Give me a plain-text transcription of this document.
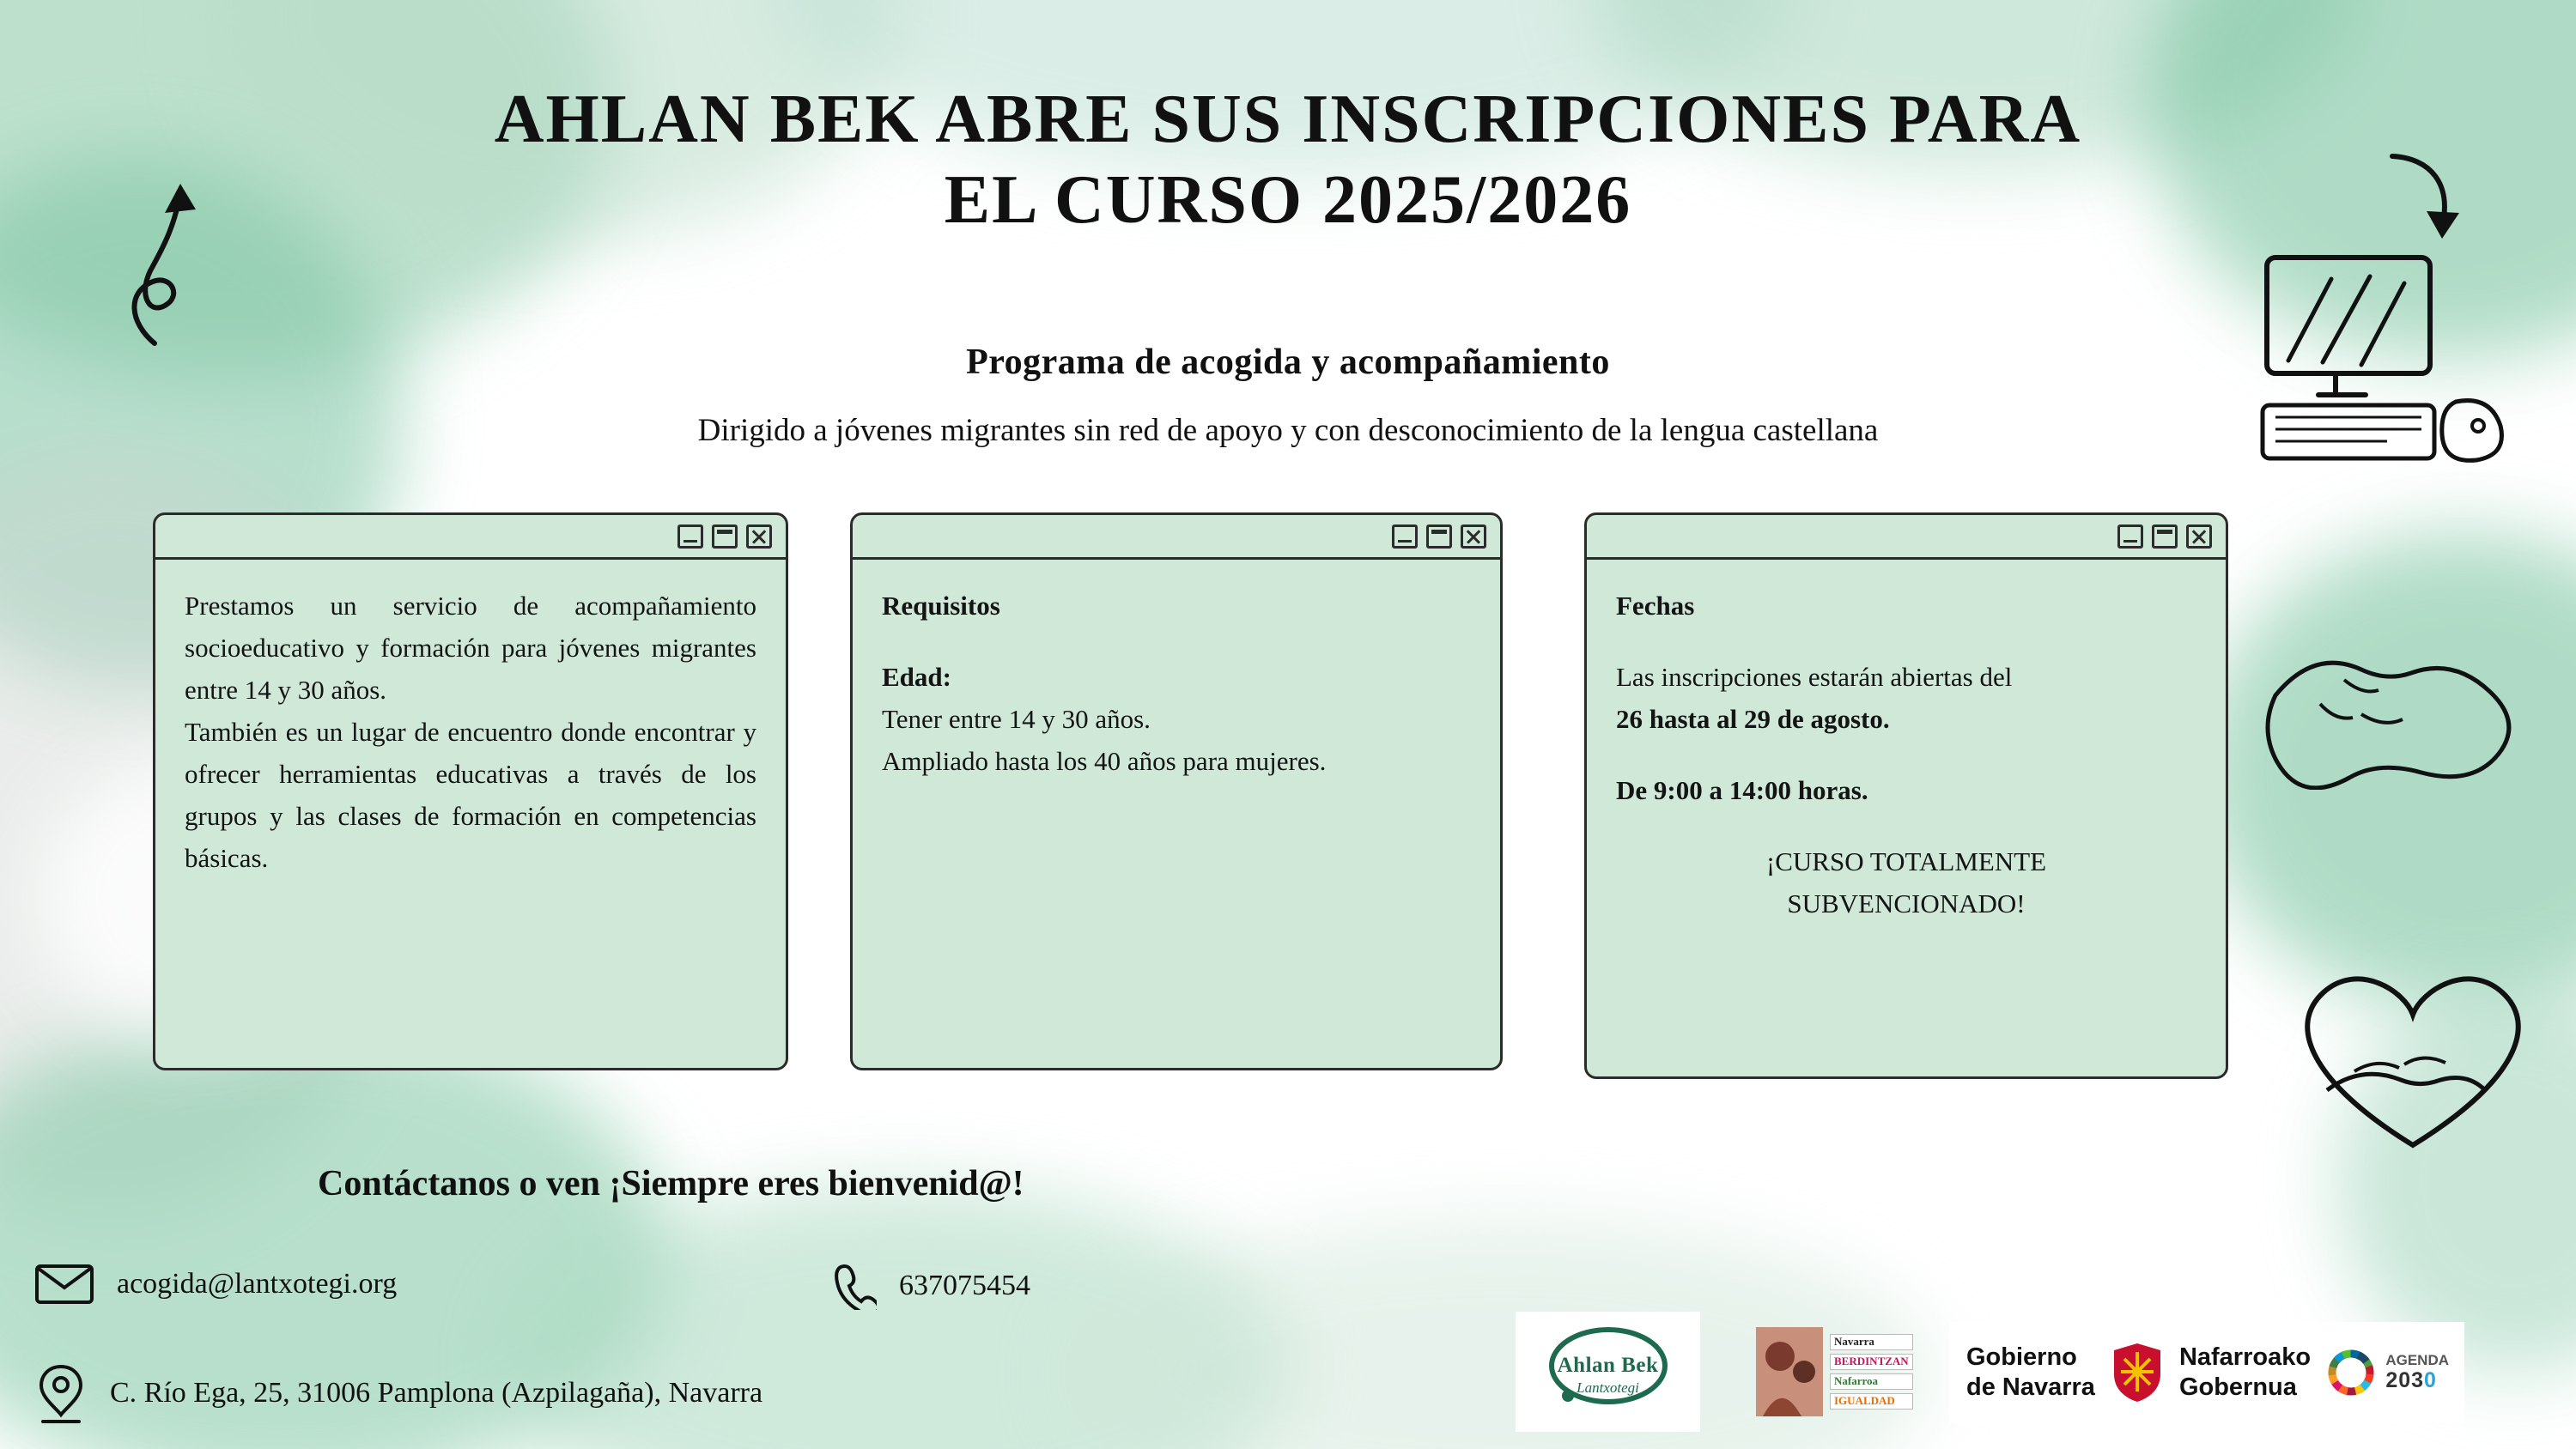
AHLAN BEK ABRE SUS INSCRIPCIONES PARA
EL CURSO 2025/2026
Programa de acogida y acompañamiento
Dirigido a jóvenes migrantes sin red de apoyo y con desconocimiento de la lengua castellana

Prestamos un servicio de acompañamiento socioeducativo y formación para jóvenes migrantes entre 14 y 30 años.

También es un lugar de encuentro donde encontrar y ofrecer herramientas educativas a través de los grupos y las clases de formación en competencias básicas.

Requisitos

Edad:

Tener entre 14 y 30 años.

Ampliado hasta los 40 años para mujeres.

Fechas

Las inscripciones estarán abiertas del

26 hasta al 29 de agosto.

De 9:00 a 14:00 horas.

¡CURSO TOTALMENTE

SUBVENCIONADO!

Contáctanos o ven ¡Siempre eres bienvenid@!
acogida@lantxotegi.org	637075454
C. Río Ega, 25, 31006 Pamplona (Azpilagaña), Navarra
Ahlan Bek
Lantxotegi
Navarra
BERDINTZAN
Nafarroa
IGUALDAD
Gobierno
de Navarra
Nafarroako
Gobernua
AGENDA
2030
